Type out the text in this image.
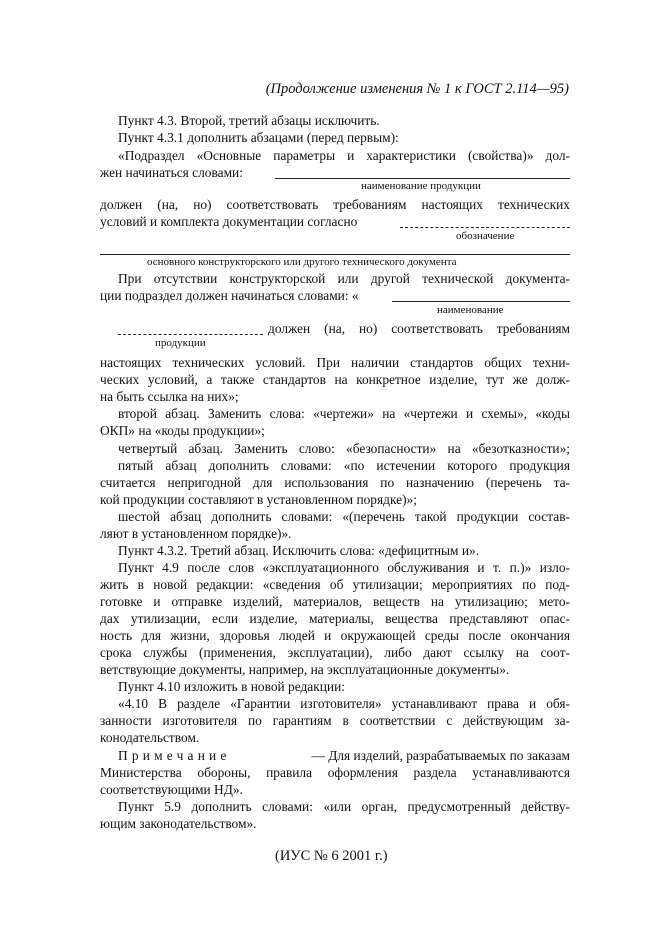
(Продолжение изменения № 1 к ГОСТ 2.114—95)
Пункт 4.3. Второй, третий абзацы исключить.
Пункт 4.3.1 дополнить абзацами (перед первым):
«Подраздел «Основные параметры и характеристики (свойства)» дол-
жен начинаться словами:
наименование продукции
должен (на, но) соответствовать требованиям настоящих технических
условий и комплекта документации согласно
обозначение
основного конструкторского или другого технического документа
При отсутствии конструкторской или другой технической документа-
ции подраздел должен начинаться словами: «
наименование
должен (на, но) соответствовать требованиям
продукции
настоящих технических условий. При наличии стандартов общих техни-
ческих условий, а также стандартов на конкретное изделие, тут же долж-
на быть ссылка на них»;
второй абзац. Заменить слова: «чертежи» на «чертежи и схемы», «коды
ОКП» на «коды продукции»;
четвертый абзац. Заменить слово: «безопасности» на «безотказности»;
пятый абзац дополнить словами: «по истечении которого продукция
считается непригодной для использования по назначению (перечень та-
кой продукции составляют в установленном порядке)»;
шестой абзац дополнить словами: «(перечень такой продукции состав-
ляют в установленном порядке)».
Пункт 4.3.2. Третий абзац. Исключить слова: «дефицитным и».
Пункт 4.9 после слов «эксплуатационного обслуживания и т. п.)» изло-
жить в новой редакции: «сведения об утилизации; мероприятиях по под-
готовке и отправке изделий, материалов, веществ на утилизацию; мето-
дах утилизации, если изделие, материалы, вещества представляют опас-
ность для жизни, здоровья людей и окружающей среды после окончания
срока службы (применения, эксплуатации), либо дают ссылку на соот-
ветствующие документы, например, на эксплуатационные документы».
Пункт 4.10 изложить в новой редакции:
«4.10 В разделе «Гарантии изготовителя» устанавливают права и обя-
занности изготовителя по гарантиям в соответствии с действующим за-
конодательством.
Примечание	— Для изделий, разрабатываемых по заказам
Министерства обороны, правила оформления раздела устанавливаются
соответствующими НД».
Пункт 5.9 дополнить словами: «или орган, предусмотренный действу-
ющим законодательством».
(ИУС № 6 2001 г.)
